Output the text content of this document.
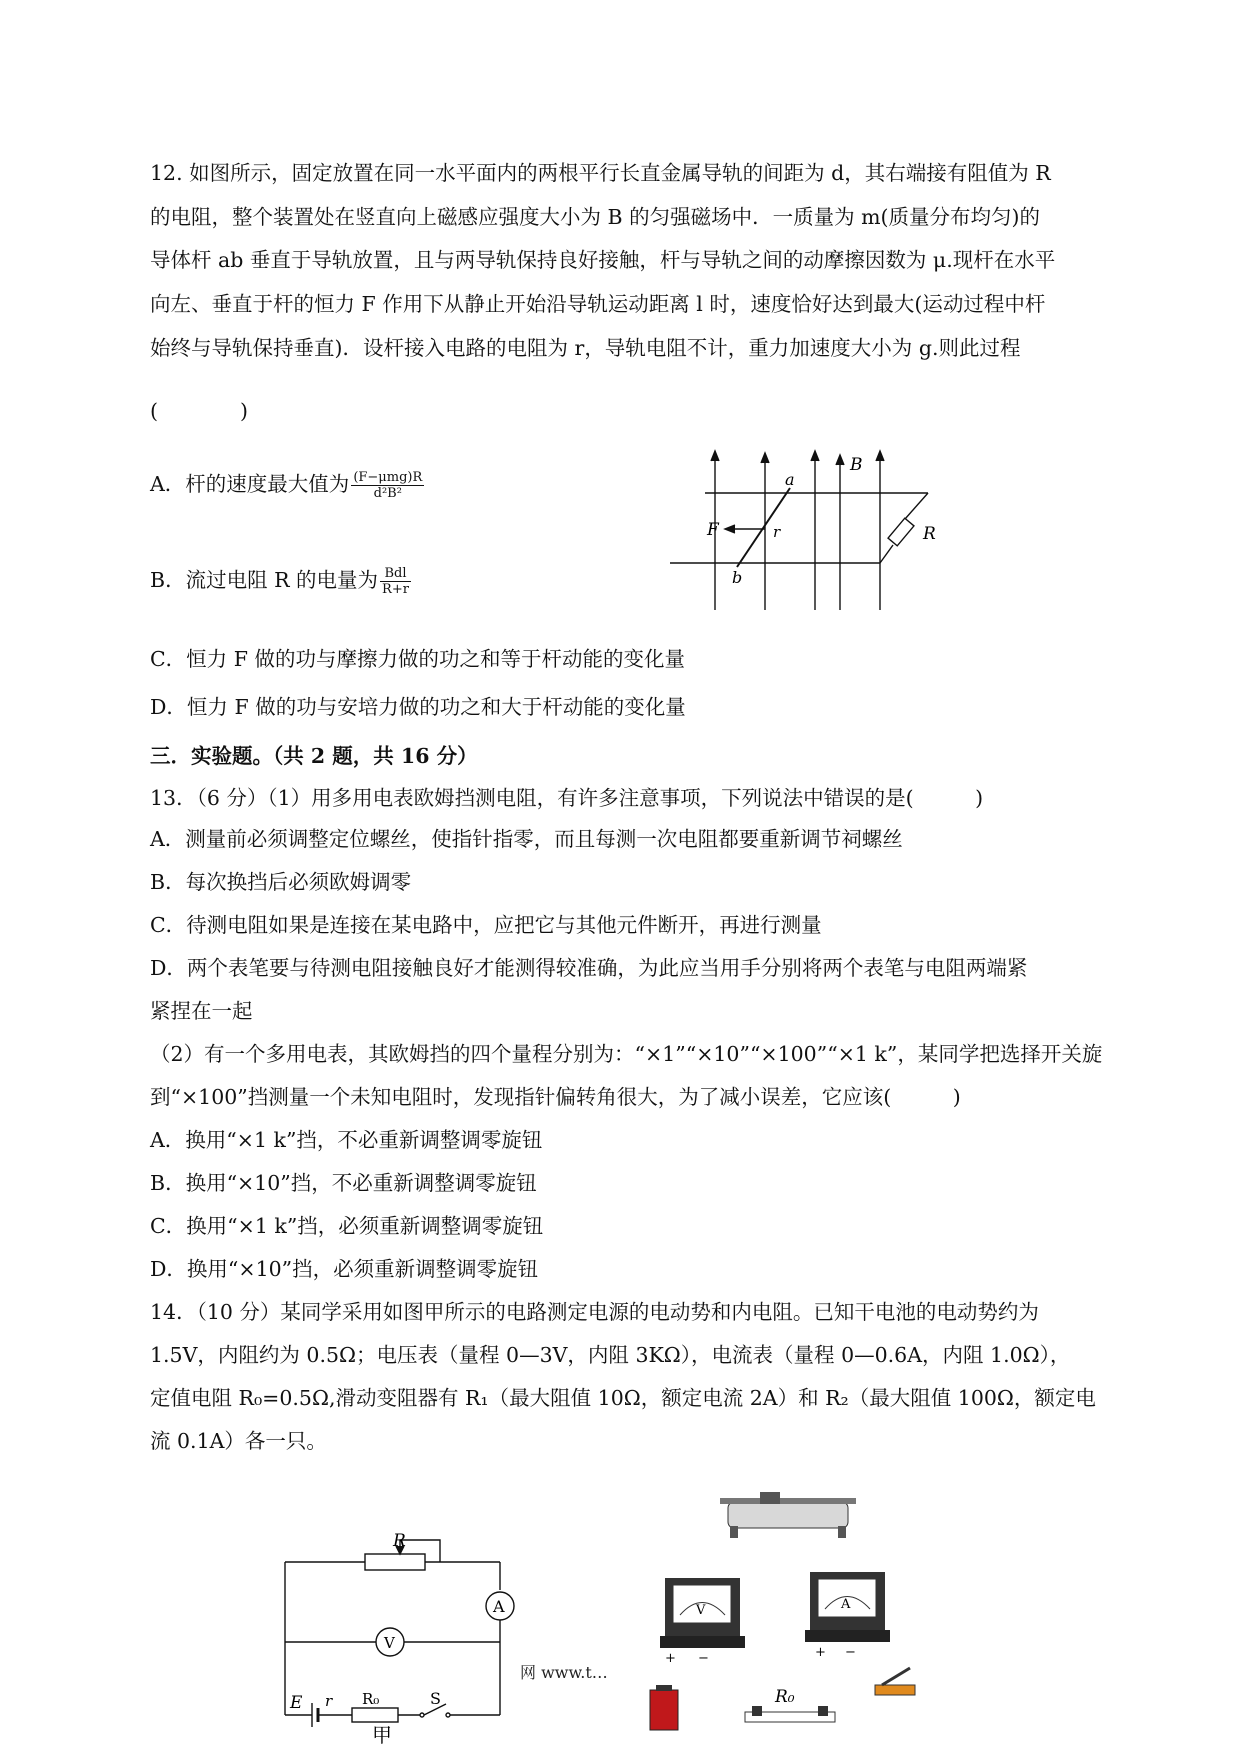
12. 如图所示，固定放置在同一水平面内的两根平行长直金属导轨的间距为 d，其右端接有阻值为 R
的电阻，整个装置处在竖直向上磁感应强度大小为 B 的匀强磁场中．一质量为 m(质量分布均匀)的
导体杆 ab 垂直于导轨放置，且与两导轨保持良好接触，杆与导轨之间的动摩擦因数为 μ.现杆在水平
向左、垂直于杆的恒力 F 作用下从静止开始沿导轨运动距离 l 时，速度恰好达到最大(运动过程中杆
始终与导轨保持垂直)．设杆接入电路的电阻为 r，导轨电阻不计，重力加速度大小为 g.则此过程
(　　　　)
A．杆的速度最大值为 $\frac{\text{(F−μmg)R}}{\text{d²B²}}$
B．流过电阻 R 的电量为 $\frac{\text{Bdl}}{R+r}$
C．恒力 F 做的功与摩擦力做的功之和等于杆动能的变化量
D．恒力 F 做的功与安培力做的功之和大于杆动能的变化量
a
B
F	r	R
b
三．实验题。（共 2 题，共 16 分）
13．（6 分）（1）用多用电表欧姆挡测电阻，有许多注意事项，下列说法中错误的是(　　　)
A．测量前必须调整定位螺丝，使指针指零，而且每测一次电阻都要重新调节祠螺丝
B．每次换挡后必须欧姆调零
C．待测电阻如果是连接在某电路中，应把它与其他元件断开，再进行测量
D．两个表笔要与待测电阻接触良好才能测得较准确，为此应当用手分别将两个表笔与电阻两端紧
紧捏在一起
（2）有一个多用电表，其欧姆挡的四个量程分别为：“×1”“×10”“×100”“×1 k”，某同学把选择开关旋
到“×100”挡测量一个未知电阻时，发现指针偏转角很大，为了减小误差，它应该(　　　)
A．换用“×1 k”挡，不必重新调整调零旋钮
B．换用“×10”挡，不必重新调整调零旋钮
C．换用“×1 k”挡，必须重新调整调零旋钮
D．换用“×10”挡，必须重新调整调零旋钮
14．（10 分）某同学采用如图甲所示的电路测定电源的电动势和内电阻。已知干电池的电动势约为
1.5V，内阻约为 0.5Ω；电压表（量程 0—3V，内阻 3KΩ），电流表（量程 0—0.6A，内阻 1.0Ω），
定值电阻 R₀=0.5Ω,滑动变阻器有 R₁（最大阻值 10Ω，额定电流 2A）和 R₂（最大阻值 100Ω，额定电
流 0.1A）各一只。
R
A
V
E r R₀	S
甲
V
+ −
A
+ −
网 www.t…
R₀
